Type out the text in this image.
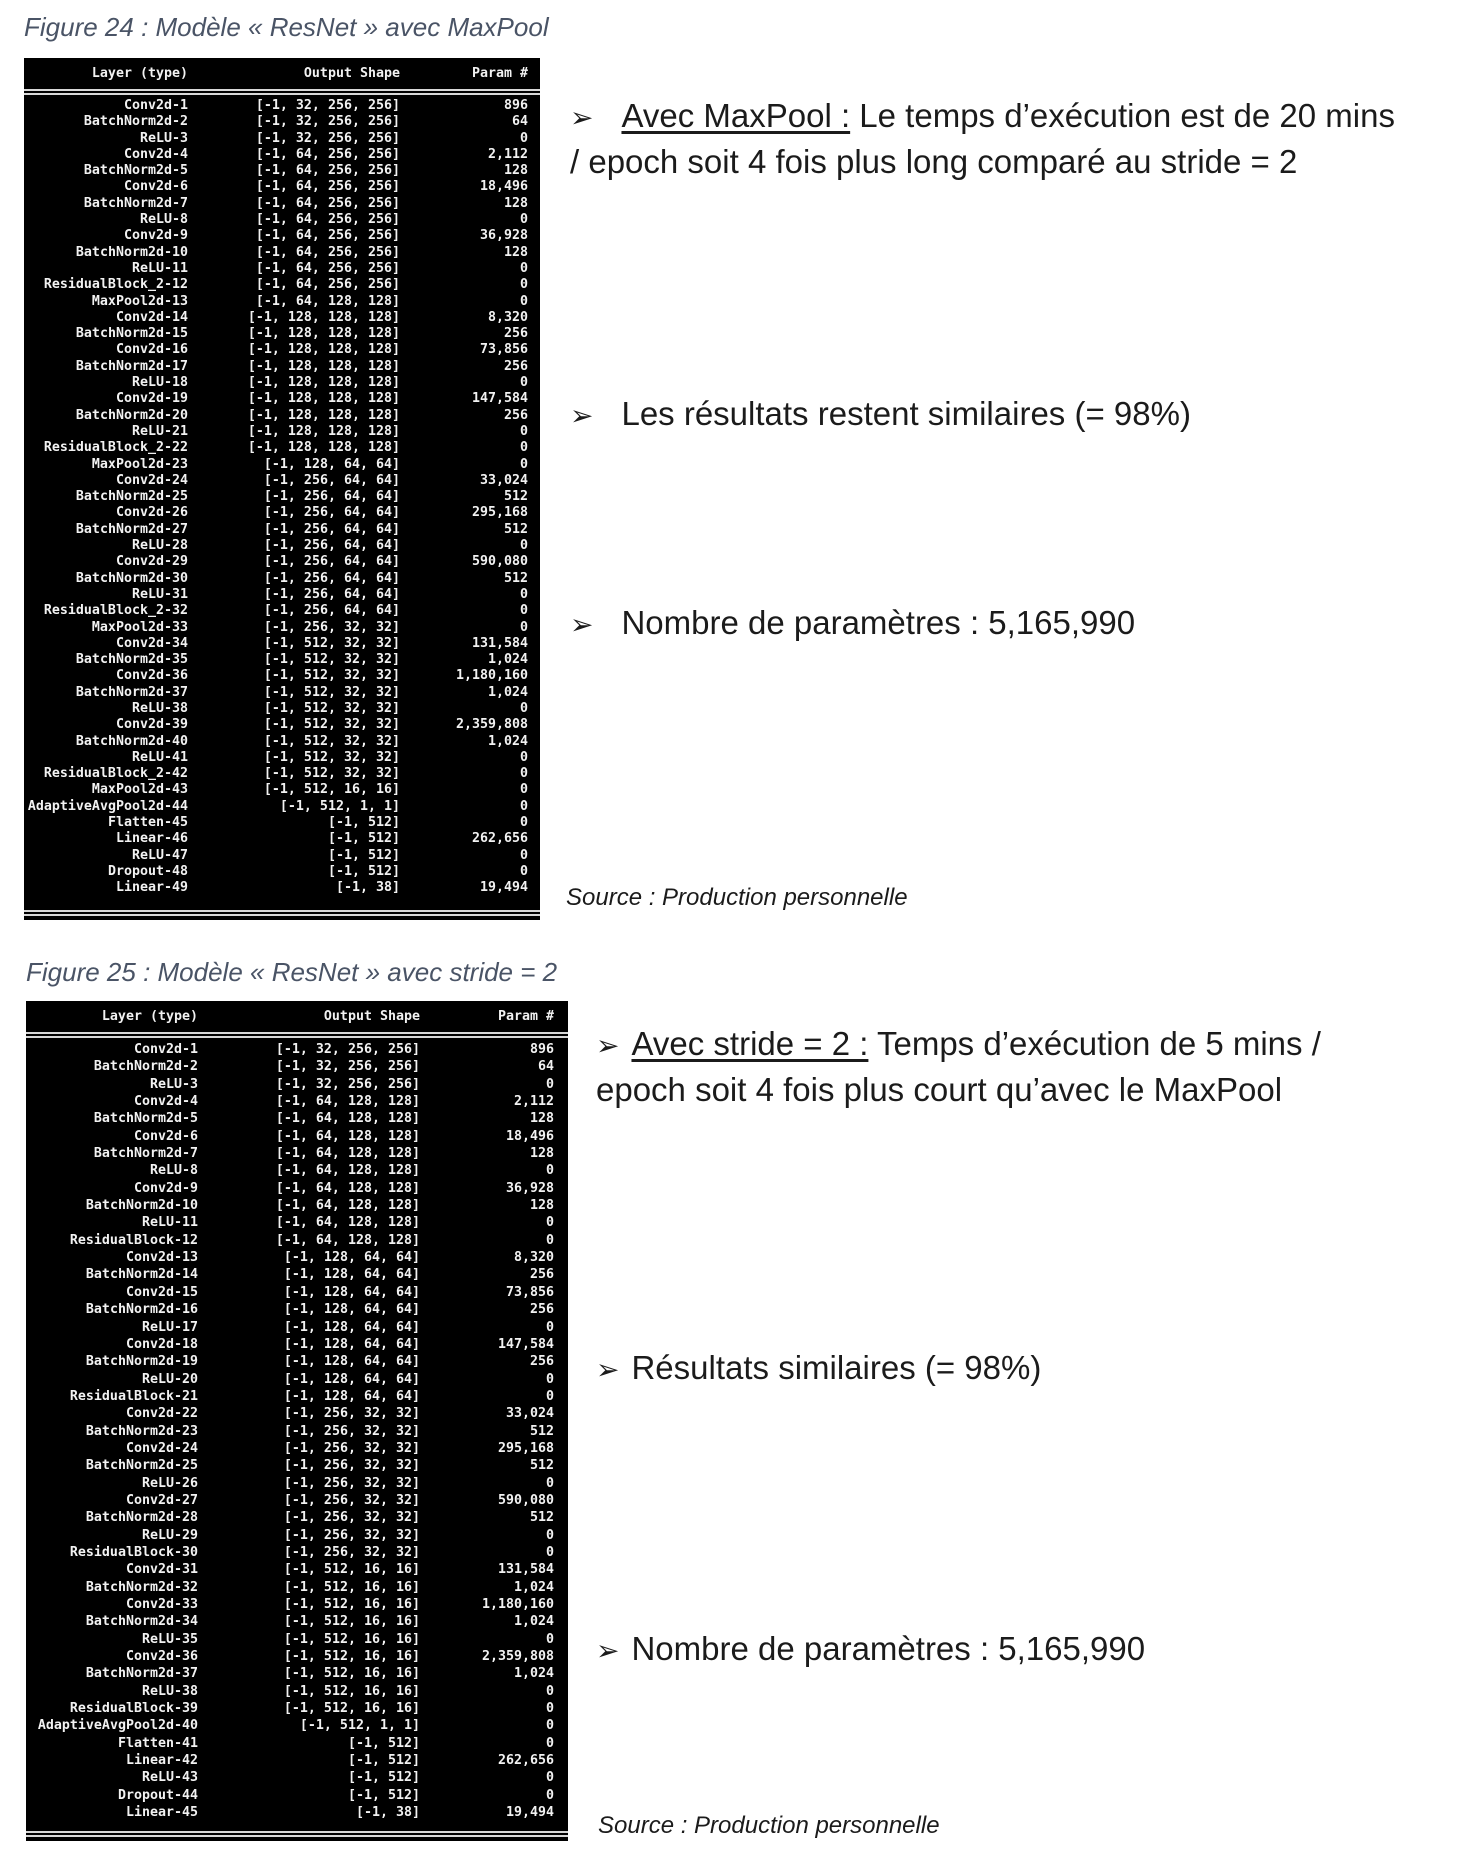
Figure 24 : Modèle « ResNet » avec MaxPool
Layer (type)	Output Shape	Param #
Conv2d-1	[-1, 32, 256, 256]	896
BatchNorm2d-2	[-1, 32, 256, 256]	64
ReLU-3	[-1, 32, 256, 256]	0
Conv2d-4	[-1, 64, 256, 256]	2,112
BatchNorm2d-5	[-1, 64, 256, 256]	128
Conv2d-6	[-1, 64, 256, 256]	18,496
BatchNorm2d-7	[-1, 64, 256, 256]	128
ReLU-8	[-1, 64, 256, 256]	0
Conv2d-9	[-1, 64, 256, 256]	36,928
BatchNorm2d-10	[-1, 64, 256, 256]	128
ReLU-11	[-1, 64, 256, 256]	0
ResidualBlock_2-12	[-1, 64, 256, 256]	0
MaxPool2d-13	[-1, 64, 128, 128]	0
Conv2d-14	[-1, 128, 128, 128]	8,320
BatchNorm2d-15	[-1, 128, 128, 128]	256
Conv2d-16	[-1, 128, 128, 128]	73,856
BatchNorm2d-17	[-1, 128, 128, 128]	256
ReLU-18	[-1, 128, 128, 128]	0
Conv2d-19	[-1, 128, 128, 128]	147,584
BatchNorm2d-20	[-1, 128, 128, 128]	256
ReLU-21	[-1, 128, 128, 128]	0
ResidualBlock_2-22	[-1, 128, 128, 128]	0
MaxPool2d-23	[-1, 128, 64, 64]	0
Conv2d-24	[-1, 256, 64, 64]	33,024
BatchNorm2d-25	[-1, 256, 64, 64]	512
Conv2d-26	[-1, 256, 64, 64]	295,168
BatchNorm2d-27	[-1, 256, 64, 64]	512
ReLU-28	[-1, 256, 64, 64]	0
Conv2d-29	[-1, 256, 64, 64]	590,080
BatchNorm2d-30	[-1, 256, 64, 64]	512
ReLU-31	[-1, 256, 64, 64]	0
ResidualBlock_2-32	[-1, 256, 64, 64]	0
MaxPool2d-33	[-1, 256, 32, 32]	0
Conv2d-34	[-1, 512, 32, 32]	131,584
BatchNorm2d-35	[-1, 512, 32, 32]	1,024
Conv2d-36	[-1, 512, 32, 32]	1,180,160
BatchNorm2d-37	[-1, 512, 32, 32]	1,024
ReLU-38	[-1, 512, 32, 32]	0
Conv2d-39	[-1, 512, 32, 32]	2,359,808
BatchNorm2d-40	[-1, 512, 32, 32]	1,024
ReLU-41	[-1, 512, 32, 32]	0
ResidualBlock_2-42	[-1, 512, 32, 32]	0
MaxPool2d-43	[-1, 512, 16, 16]	0
AdaptiveAvgPool2d-44	[-1, 512, 1, 1]	0
Flatten-45	[-1, 512]	0
Linear-46	[-1, 512]	262,656
ReLU-47	[-1, 512]	0
Dropout-48	[-1, 512]	0
Linear-49	[-1, 38]	19,494
➢ Avec MaxPool : Le temps d’exécution est de 20 mins / epoch soit 4 fois plus long comparé au stride = 2
➢ Les résultats restent similaires (= 98%)
➢ Nombre de paramètres : 5,165,990
Source : Production personnelle
Figure 25 : Modèle « ResNet » avec stride = 2
Layer (type)	Output Shape	Param #
Conv2d-1	[-1, 32, 256, 256]	896
BatchNorm2d-2	[-1, 32, 256, 256]	64
ReLU-3	[-1, 32, 256, 256]	0
Conv2d-4	[-1, 64, 128, 128]	2,112
BatchNorm2d-5	[-1, 64, 128, 128]	128
Conv2d-6	[-1, 64, 128, 128]	18,496
BatchNorm2d-7	[-1, 64, 128, 128]	128
ReLU-8	[-1, 64, 128, 128]	0
Conv2d-9	[-1, 64, 128, 128]	36,928
BatchNorm2d-10	[-1, 64, 128, 128]	128
ReLU-11	[-1, 64, 128, 128]	0
ResidualBlock-12	[-1, 64, 128, 128]	0
Conv2d-13	[-1, 128, 64, 64]	8,320
BatchNorm2d-14	[-1, 128, 64, 64]	256
Conv2d-15	[-1, 128, 64, 64]	73,856
BatchNorm2d-16	[-1, 128, 64, 64]	256
ReLU-17	[-1, 128, 64, 64]	0
Conv2d-18	[-1, 128, 64, 64]	147,584
BatchNorm2d-19	[-1, 128, 64, 64]	256
ReLU-20	[-1, 128, 64, 64]	0
ResidualBlock-21	[-1, 128, 64, 64]	0
Conv2d-22	[-1, 256, 32, 32]	33,024
BatchNorm2d-23	[-1, 256, 32, 32]	512
Conv2d-24	[-1, 256, 32, 32]	295,168
BatchNorm2d-25	[-1, 256, 32, 32]	512
ReLU-26	[-1, 256, 32, 32]	0
Conv2d-27	[-1, 256, 32, 32]	590,080
BatchNorm2d-28	[-1, 256, 32, 32]	512
ReLU-29	[-1, 256, 32, 32]	0
ResidualBlock-30	[-1, 256, 32, 32]	0
Conv2d-31	[-1, 512, 16, 16]	131,584
BatchNorm2d-32	[-1, 512, 16, 16]	1,024
Conv2d-33	[-1, 512, 16, 16]	1,180,160
BatchNorm2d-34	[-1, 512, 16, 16]	1,024
ReLU-35	[-1, 512, 16, 16]	0
Conv2d-36	[-1, 512, 16, 16]	2,359,808
BatchNorm2d-37	[-1, 512, 16, 16]	1,024
ReLU-38	[-1, 512, 16, 16]	0
ResidualBlock-39	[-1, 512, 16, 16]	0
AdaptiveAvgPool2d-40	[-1, 512, 1, 1]	0
Flatten-41	[-1, 512]	0
Linear-42	[-1, 512]	262,656
ReLU-43	[-1, 512]	0
Dropout-44	[-1, 512]	0
Linear-45	[-1, 38]	19,494
➢ Avec stride = 2 : Temps d’exécution de 5 mins / epoch soit 4 fois plus court qu’avec le MaxPool
➢ Résultats similaires (= 98%)
➢ Nombre de paramètres : 5,165,990
Source : Production personnelle
